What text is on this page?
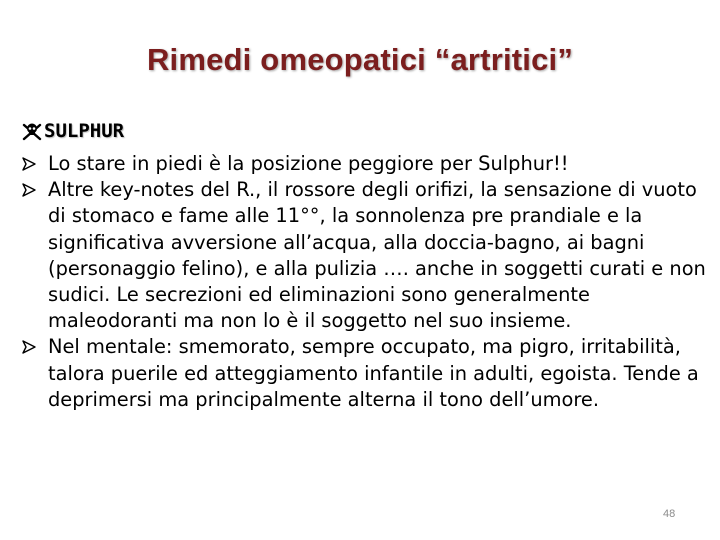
Rimedi omeopatici “artritici”
SULPHUR
Lo stare in piedi è la posizione peggiore per Sulphur!!
Altre key-notes del R., il rossore degli orifizi, la sensazione di vuoto di stomaco e fame alle 11°°, la sonnolenza pre prandiale e la significativa avversione all’acqua, alla doccia-bagno, ai bagni (personaggio felino), e alla pulizia …. anche in soggetti curati e non sudici. Le secrezioni ed eliminazioni sono generalmente maleodoranti ma non lo è il soggetto nel suo insieme.
Nel mentale: smemorato, sempre occupato, ma pigro, irritabilità, talora puerile ed atteggiamento infantile in adulti, egoista. Tende a deprimersi ma principalmente alterna il tono dell’umore.
48
